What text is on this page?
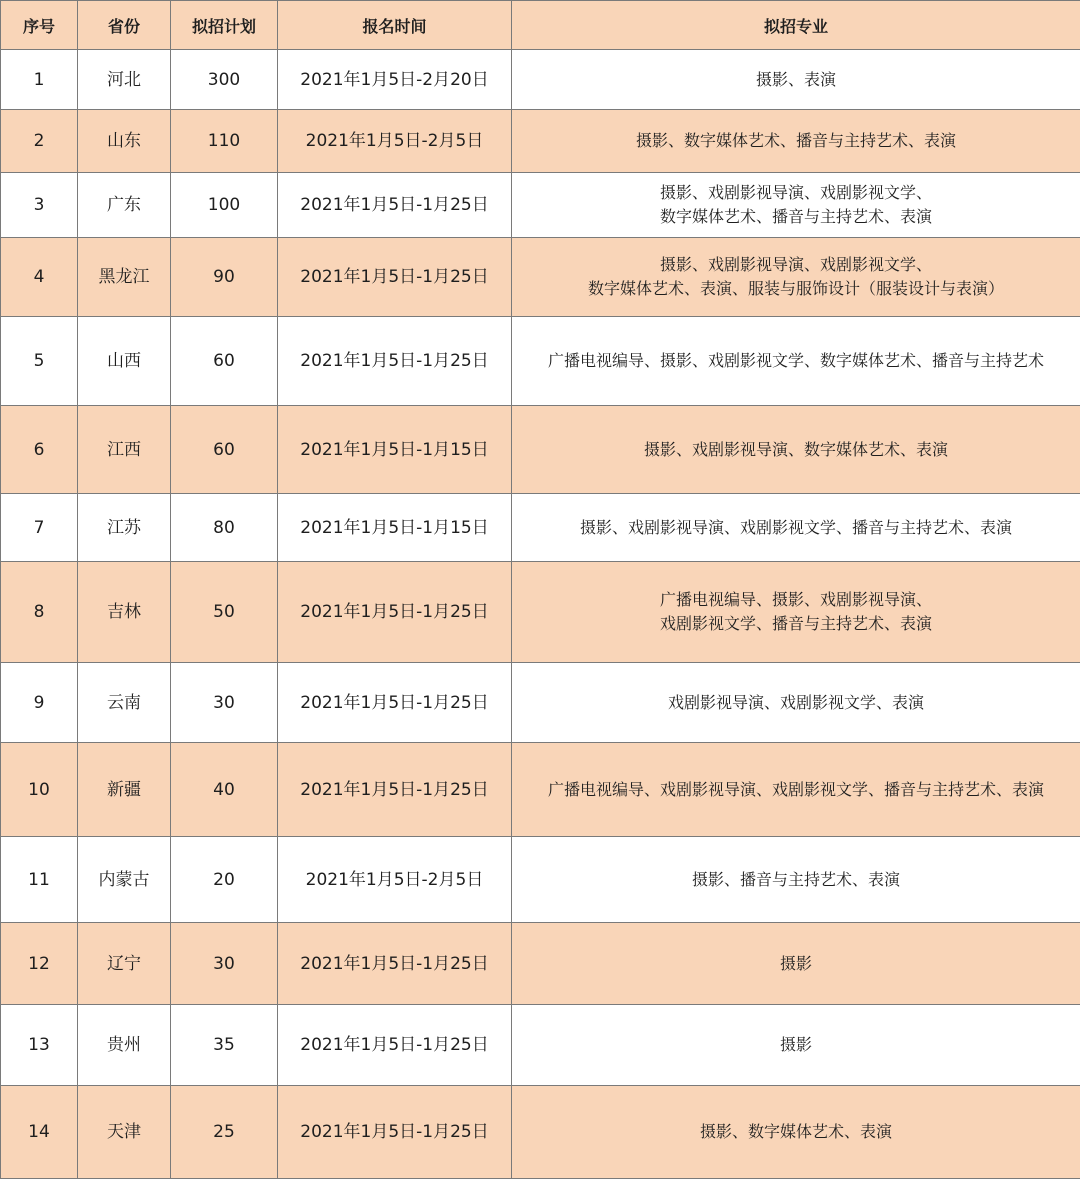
序号	省份	拟招计划	报名时间	拟招专业
1	河北	300	2021年1月5日-2月20日	摄影、表演

2	山东	110	2021年1月5日-2月5日	摄影、数字媒体艺术、播音与主持艺术、表演

3	广东	100	2021年1月5日-1月25日	摄影、戏剧影视导演、戏剧影视文学、
数字媒体艺术、播音与主持艺术、表演

4	黑龙江	90	2021年1月5日-1月25日	摄影、戏剧影视导演、戏剧影视文学、
数字媒体艺术、表演、服装与服饰设计（服装设计与表演）

5	山西	60	2021年1月5日-1月25日	广播电视编导、摄影、戏剧影视文学、数字媒体艺术、播音与主持艺术

6	江西	60	2021年1月5日-1月15日	摄影、戏剧影视导演、数字媒体艺术、表演

7	江苏	80	2021年1月5日-1月15日	摄影、戏剧影视导演、戏剧影视文学、播音与主持艺术、表演

8	吉林	50	2021年1月5日-1月25日	广播电视编导、摄影、戏剧影视导演、
戏剧影视文学、播音与主持艺术、表演

9	云南	30	2021年1月5日-1月25日	戏剧影视导演、戏剧影视文学、表演

10	新疆	40	2021年1月5日-1月25日	广播电视编导、戏剧影视导演、戏剧影视文学、播音与主持艺术、表演

11	内蒙古	20	2021年1月5日-2月5日	摄影、播音与主持艺术、表演

12	辽宁	30	2021年1月5日-1月25日	摄影

13	贵州	35	2021年1月5日-1月25日	摄影

14	天津	25	2021年1月5日-1月25日	摄影、数字媒体艺术、表演
